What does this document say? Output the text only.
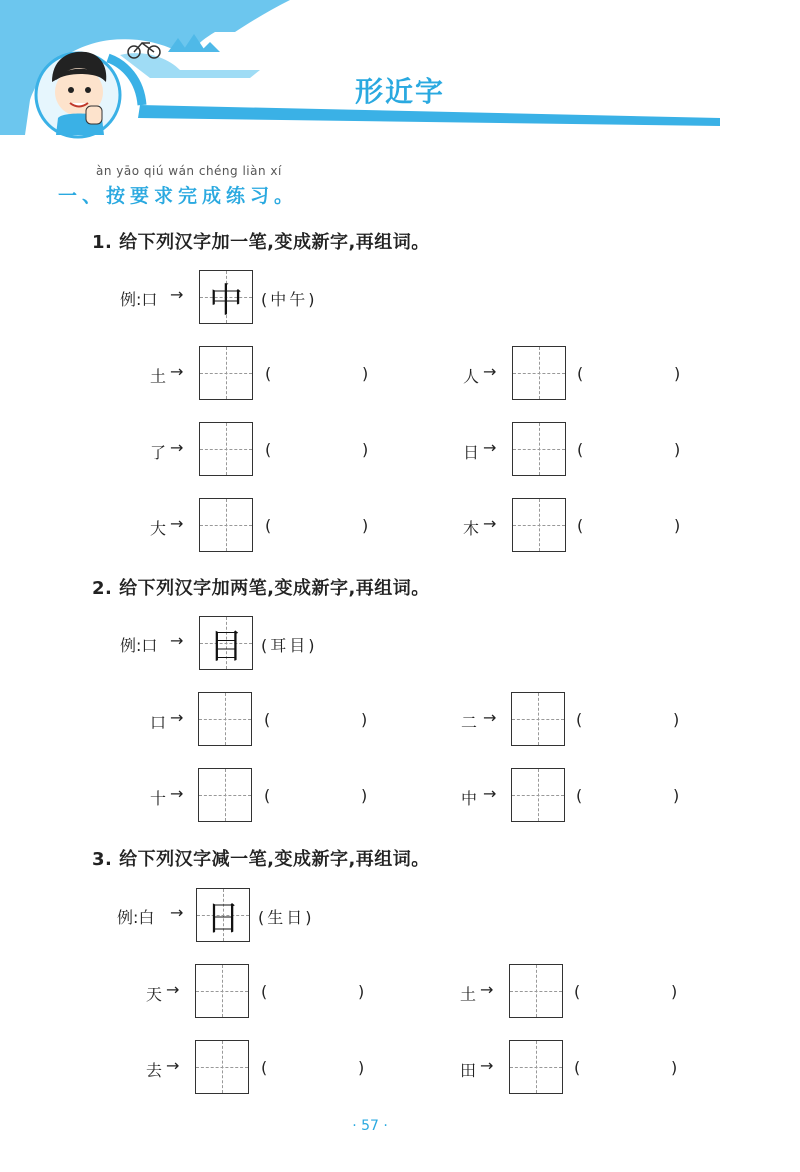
形近字
àn yāo qiú wán chéng liàn xí
一、按要求完成练习。
1. 给下列汉字加一笔,变成新字,再组词。
例:口 → 中	(中午)
土 →	(	)	人 →	(	)
了 →	(	)	日 →	(	)
大 →	(	)	木 →	(	)
2. 给下列汉字加两笔,变成新字,再组词。
例:口 → 目	(耳目)
口 →	(	)	二 →	(	)
十 →	(	)	中 →	(	)
3. 给下列汉字减一笔,变成新字,再组词。
例:白 → 日	(生日)
天 →	(	)	土 →	(	)
去 →	(	)	田 →	(	)
· 57 ·
